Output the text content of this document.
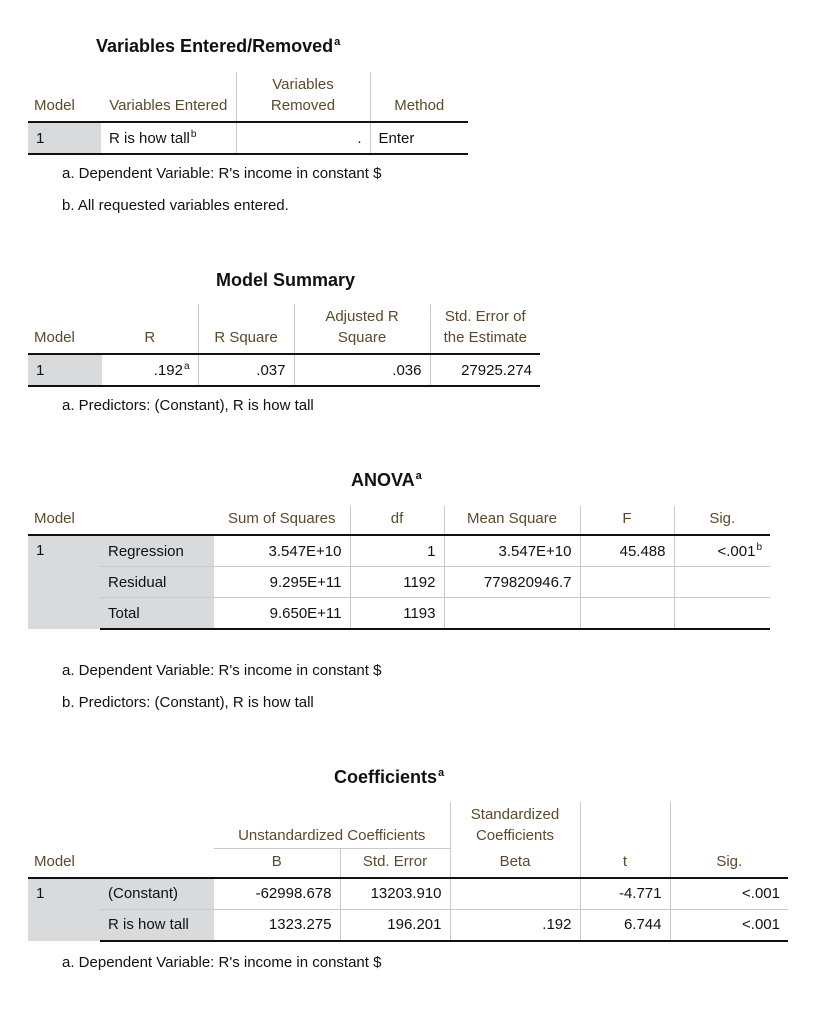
Variables Entered/Removed$^a$
Model	Variables Entered	Variables Removed	Method
1	R is how tall$^b$	.	Enter
a. Dependent Variable: R's income in constant $
b. All requested variables entered.
Model Summary
Model	R	R Square	Adjusted R Square	Std. Error of the Estimate
1	.192$^a$	.037	.036	27925.274
a. Predictors: (Constant), R is how tall
ANOVA$^a$
Model		Sum of Squares	df	Mean Square	F	Sig.
1	Regression	3.547E+10	1	3.547E+10	45.488	<.001$^b$
	Residual	9.295E+11	1192	779820946.7		
	Total	9.650E+11	1193			
a. Dependent Variable: R's income in constant $
b. Predictors: (Constant), R is how tall
Coefficients$^a$
Model		Unstandardized Coefficients		Standardized Coefficients	t	Sig.
		B	Std. Error	Beta		
1	(Constant)	-62998.678	13203.910		-4.771	<.001
	R is how tall	1323.275	196.201	.192	6.744	<.001
a. Dependent Variable: R's income in constant $
